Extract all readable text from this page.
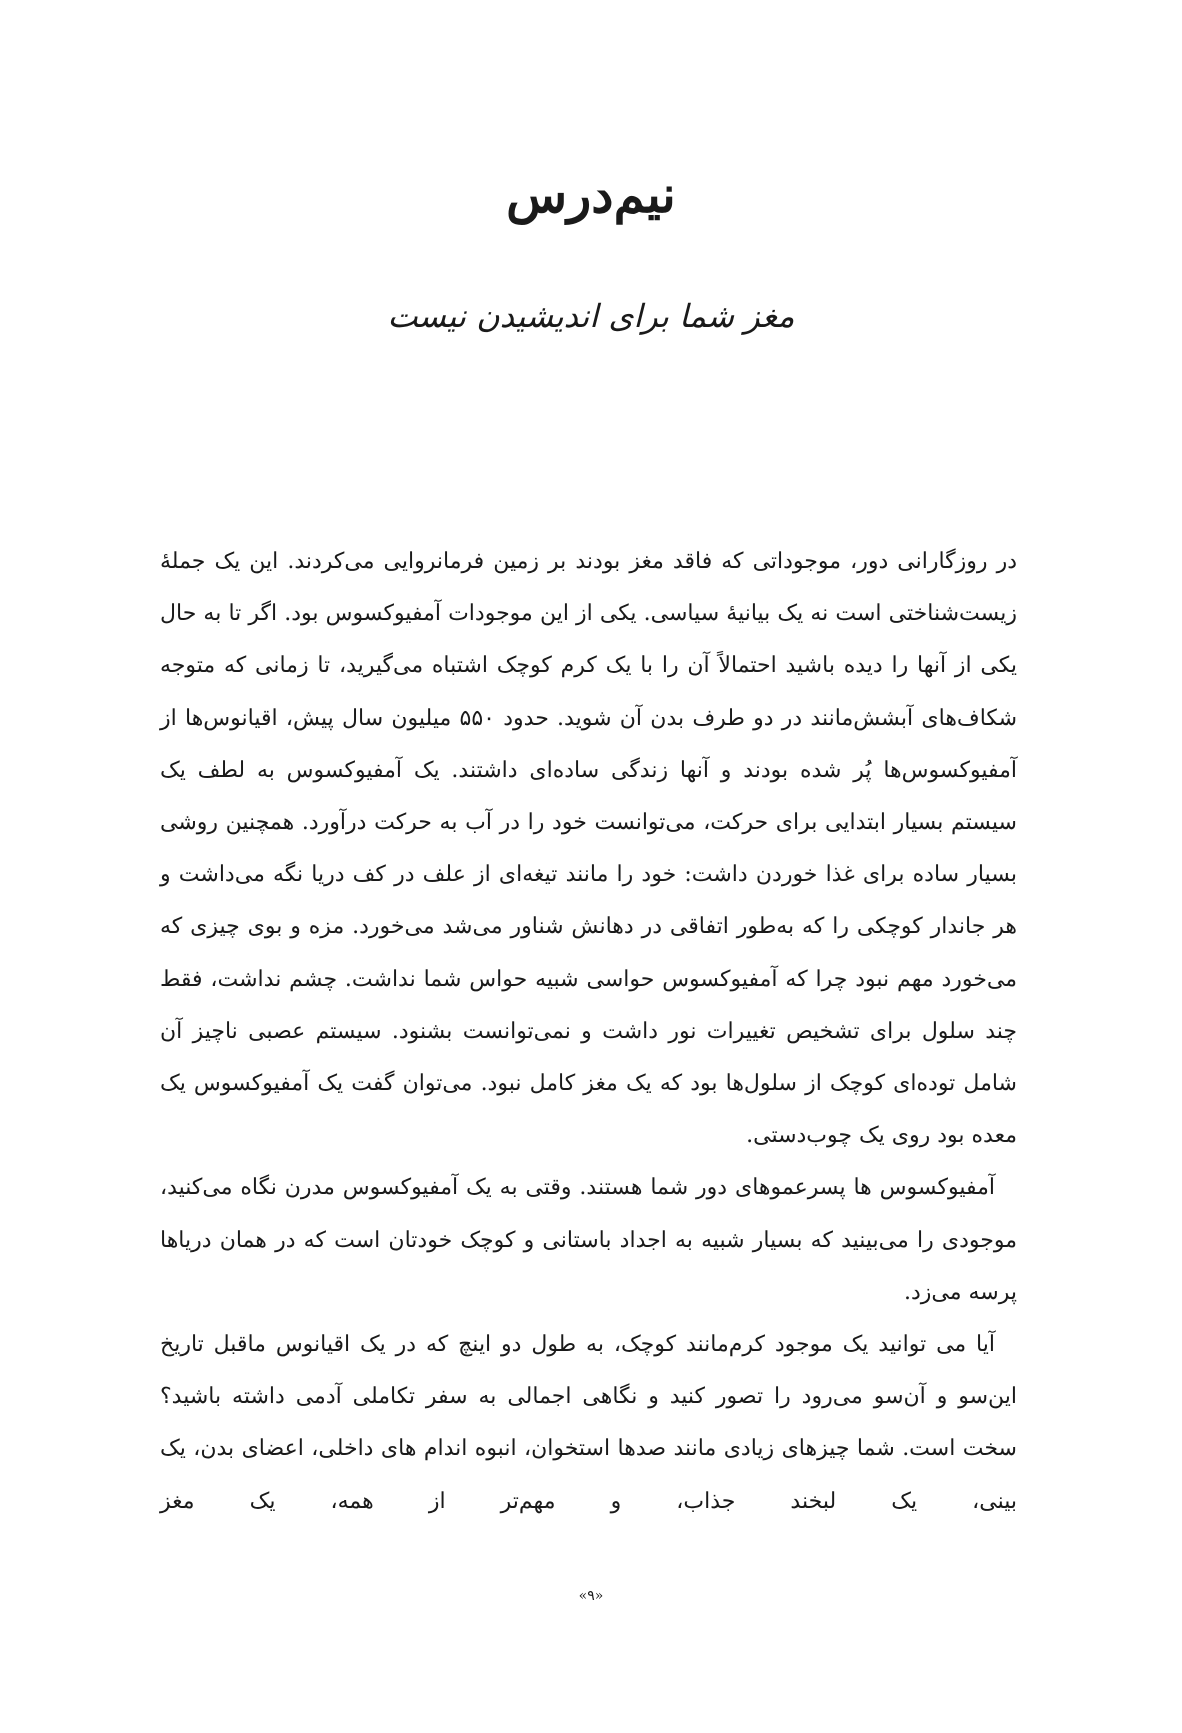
نیم‌درس
مغز شما برای اندیشیدن نیست

در روزگارانی دور، موجوداتی که فاقد مغز بودند بر زمین فرمانروایی می‌کردند. این یک جملهٔ زیست‌شناختی است نه یک بیانیهٔ سیاسی. یکی از این موجودات آمفیوکسوس بود. اگر تا به حال یکی از آنها را دیده باشید احتمالاً آن را با یک کرم کوچک اشتباه می‌گیرید، تا زمانی که متوجه شکاف‌های آبشش‌مانند در دو طرف بدن آن شوید. حدود ۵۵۰ میلیون سال پیش، اقیانوس‌ها از آمفیوکسوس‌ها پُر شده بودند و آنها زندگی ساده‌ای داشتند. یک آمفیوکسوس به لطف یک سیستم بسیار ابتدایی برای حرکت، می‌توانست خود را در آب به حرکت درآورد. همچنین روشی بسیار ساده برای غذا خوردن داشت: خود را مانند تیغه‌ای از علف در کف دریا نگه می‌داشت و هر جاندار کوچکی را که به‌طور اتفاقی در دهانش شناور می‌شد می‌خورد. مزه و بوی چیزی که می‌خورد مهم نبود چرا که آمفیوکسوس حواسی شبیه حواس شما نداشت. چشم نداشت، فقط چند سلول برای تشخیص تغییرات نور داشت و نمی‌توانست بشنود. سیستم عصبی ناچیز آن شامل توده‌ای کوچک از سلول‌ها بود که یک مغز کامل نبود. می‌توان گفت یک آمفیوکسوس یک معده بود روی یک چوب‌دستی.

آمفیوکسوس ها پسرعموهای دور شما هستند. وقتی به یک آمفیوکسوس مدرن نگاه می‌کنید، موجودی را می‌بینید که بسیار شبیه به اجداد باستانی و کوچک خودتان است که در همان دریاها پرسه می‌زد.

آیا می توانید یک موجود کرم‌مانند کوچک، به طول دو اینچ که در یک اقیانوس ماقبل تاریخ این‌سو و آن‌سو می‌رود را تصور کنید و نگاهی اجمالی به سفر تکاملی آدمی داشته باشید؟ سخت است. شما چیزهای زیادی مانند صدها استخوان، انبوه اندام های داخلی، اعضای بدن، یک بینی، یک لبخند جذاب، و مهم‌تر از همه، یک مغز

«۹»
